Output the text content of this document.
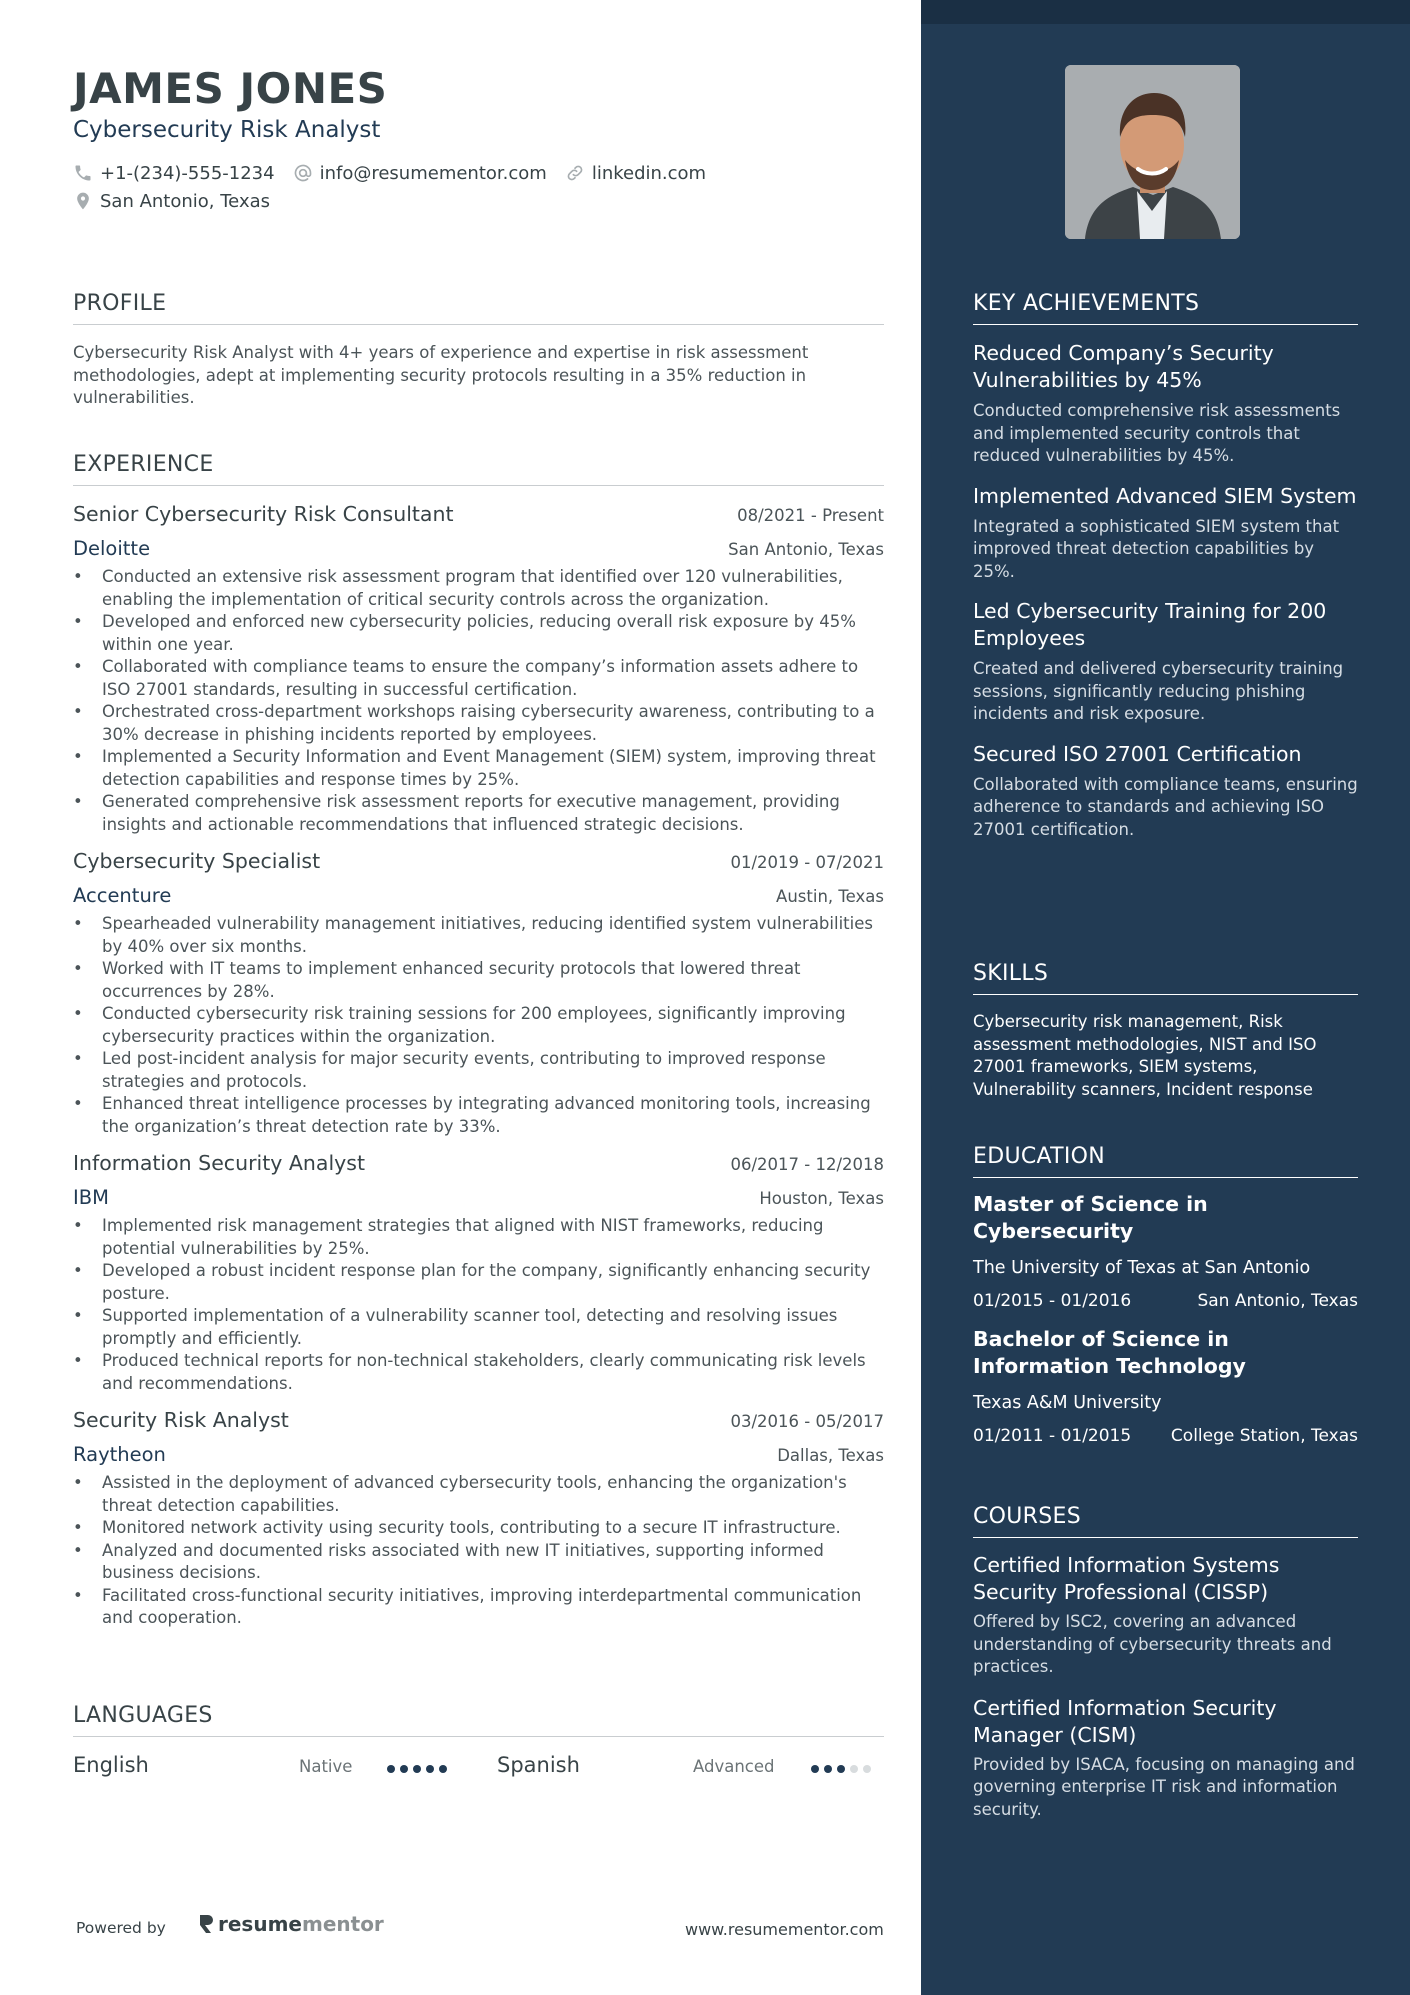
JAMES JONES
Cybersecurity Risk Analyst
+1-(234)-555-1234	info@resumementor.com	linkedin.com
San Antonio, Texas
PROFILE
Cybersecurity Risk Analyst with 4+ years of experience and expertise in risk assessment methodologies, adept at implementing security protocols resulting in a 35% reduction in vulnerabilities.
EXPERIENCE
Senior Cybersecurity Risk Consultant	08/2021 - Present
Deloitte	San Antonio, Texas
• Conducted an extensive risk assessment program that identified over 120 vulnerabilities, enabling the implementation of critical security controls across the organization.
• Developed and enforced new cybersecurity policies, reducing overall risk exposure by 45% within one year.
• Collaborated with compliance teams to ensure the company’s information assets adhere to ISO 27001 standards, resulting in successful certification.
• Orchestrated cross-department workshops raising cybersecurity awareness, contributing to a 30% decrease in phishing incidents reported by employees.
• Implemented a Security Information and Event Management (SIEM) system, improving threat detection capabilities and response times by 25%.
• Generated comprehensive risk assessment reports for executive management, providing insights and actionable recommendations that influenced strategic decisions.
Cybersecurity Specialist	01/2019 - 07/2021
Accenture	Austin, Texas
• Spearheaded vulnerability management initiatives, reducing identified system vulnerabilities by 40% over six months.
• Worked with IT teams to implement enhanced security protocols that lowered threat occurrences by 28%.
• Conducted cybersecurity risk training sessions for 200 employees, significantly improving cybersecurity practices within the organization.
• Led post-incident analysis for major security events, contributing to improved response strategies and protocols.
• Enhanced threat intelligence processes by integrating advanced monitoring tools, increasing the organization’s threat detection rate by 33%.
Information Security Analyst	06/2017 - 12/2018
IBM	Houston, Texas
• Implemented risk management strategies that aligned with NIST frameworks, reducing potential vulnerabilities by 25%.
• Developed a robust incident response plan for the company, significantly enhancing security posture.
• Supported implementation of a vulnerability scanner tool, detecting and resolving issues promptly and efficiently.
• Produced technical reports for non-technical stakeholders, clearly communicating risk levels and recommendations.
Security Risk Analyst	03/2016 - 05/2017
Raytheon	Dallas, Texas
• Assisted in the deployment of advanced cybersecurity tools, enhancing the organization's threat detection capabilities.
• Monitored network activity using security tools, contributing to a secure IT infrastructure.
• Analyzed and documented risks associated with new IT initiatives, supporting informed business decisions.
• Facilitated cross-functional security initiatives, improving interdepartmental communication and cooperation.
LANGUAGES
English	Native	Spanish	Advanced
Powered by	resume mentor	www.resumementor.com
KEY ACHIEVEMENTS
Reduced Company’s Security Vulnerabilities by 45%
Conducted comprehensive risk assessments and implemented security controls that reduced vulnerabilities by 45%.
Implemented Advanced SIEM System
Integrated a sophisticated SIEM system that improved threat detection capabilities by 25%.
Led Cybersecurity Training for 200 Employees
Created and delivered cybersecurity training sessions, significantly reducing phishing incidents and risk exposure.
Secured ISO 27001 Certification
Collaborated with compliance teams, ensuring adherence to standards and achieving ISO 27001 certification.
SKILLS
Cybersecurity risk management, Risk assessment methodologies, NIST and ISO 27001 frameworks, SIEM systems, Vulnerability scanners, Incident response
EDUCATION
Master of Science in Cybersecurity
The University of Texas at San Antonio
01/2015 - 01/2016	San Antonio, Texas
Bachelor of Science in Information Technology
Texas A&M University
01/2011 - 01/2015 College Station, Texas
COURSES
Certified Information Systems Security Professional (CISSP)
Offered by ISC2, covering an advanced understanding of cybersecurity threats and practices.
Certified Information Security Manager (CISM)
Provided by ISACA, focusing on managing and governing enterprise IT risk and information security.
